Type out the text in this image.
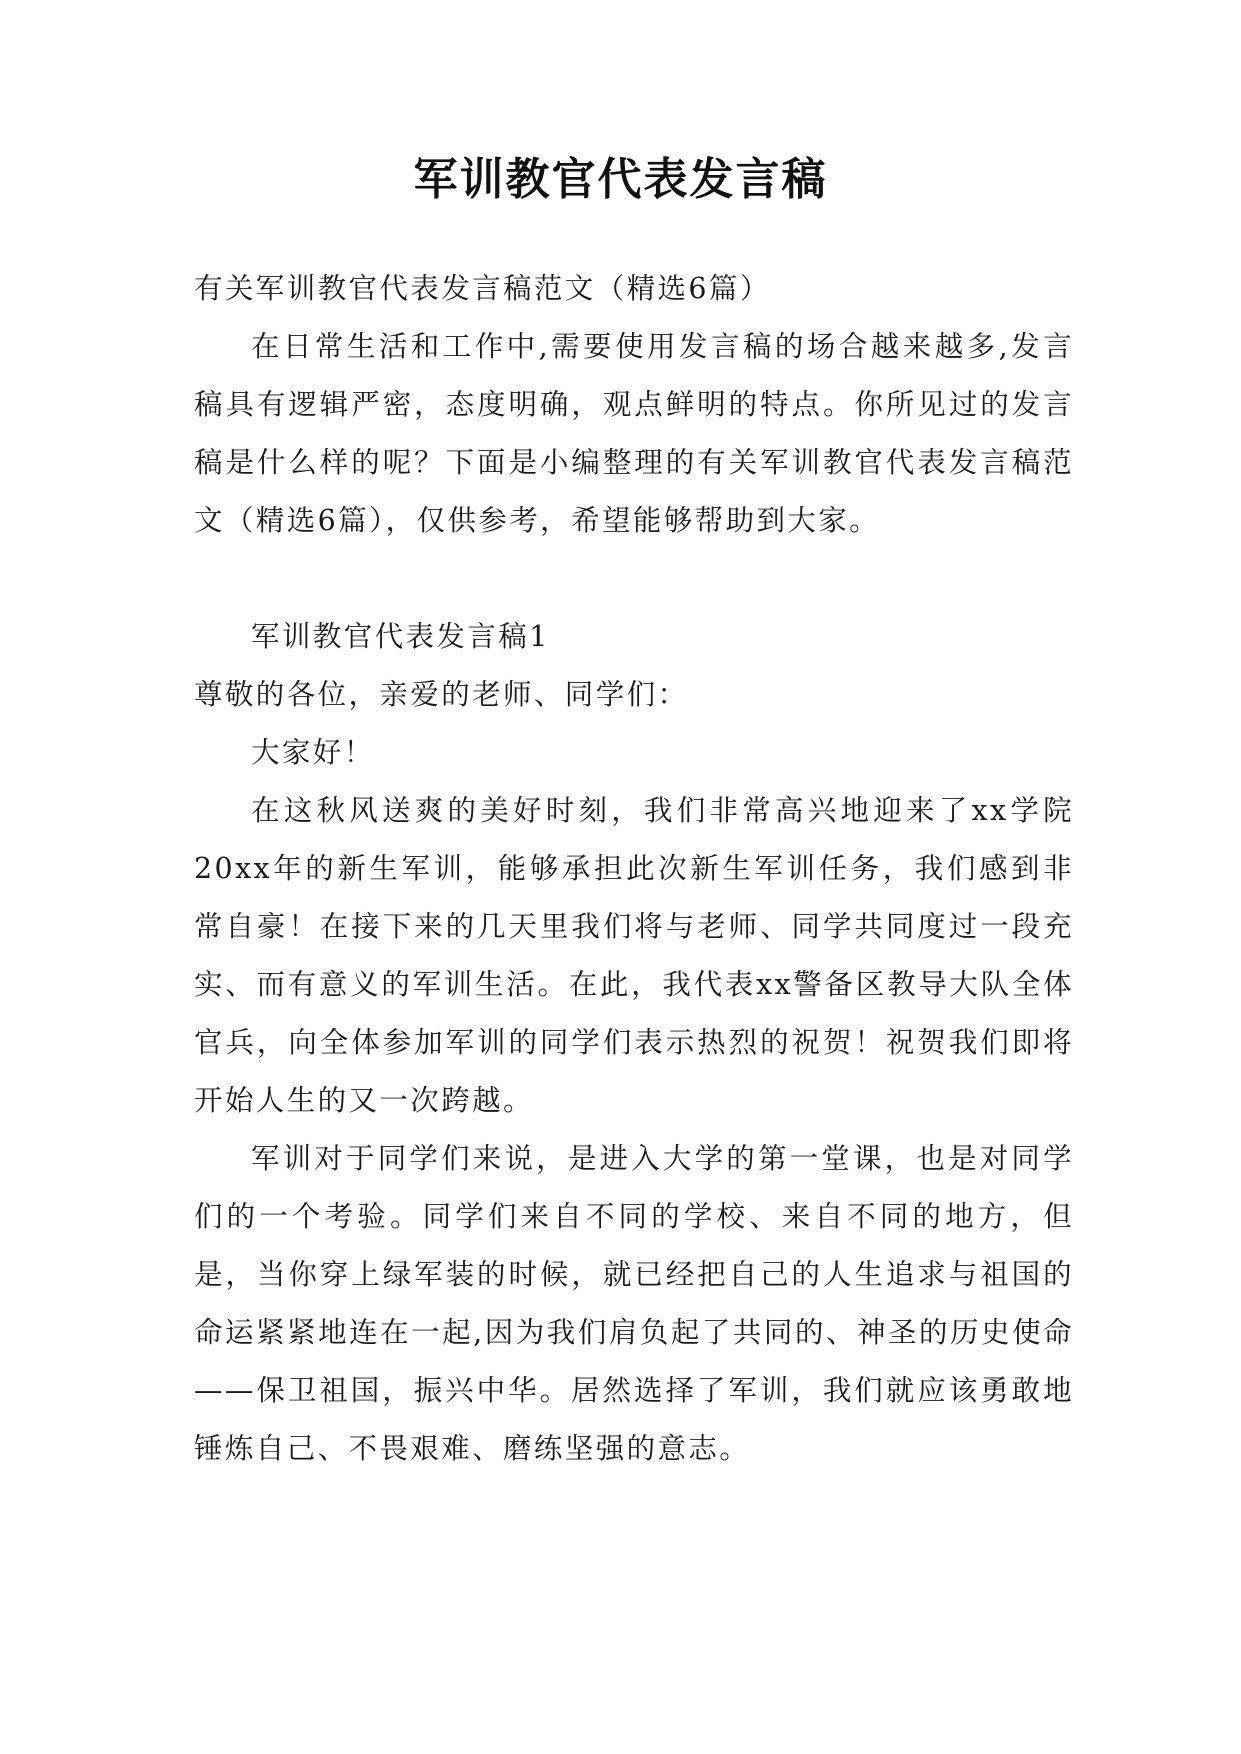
军训教官代表发言稿

有关军训教官代表发言稿范文（精选6篇）

在日常生活和工作中,需要使用发言稿的场合越来越多,发言稿具有逻辑严密，态度明确，观点鲜明的特点。你所见过的发言稿是什么样的呢？下面是小编整理的有关军训教官代表发言稿范文（精选6篇），仅供参考，希望能够帮助到大家。

军训教官代表发言稿1

尊敬的各位，亲爱的老师、同学们：

大家好！

在这秋风送爽的美好时刻，我们非常高兴地迎来了xx学院20xx年的新生军训，能够承担此次新生军训任务，我们感到非常自豪！在接下来的几天里我们将与老师、同学共同度过一段充实、而有意义的军训生活。在此，我代表xx警备区教导大队全体官兵，向全体参加军训的同学们表示热烈的祝贺！祝贺我们即将开始人生的又一次跨越。

军训对于同学们来说，是进入大学的第一堂课，也是对同学们的一个考验。同学们来自不同的学校、来自不同的地方，但是，当你穿上绿军装的时候，就已经把自己的人生追求与祖国的命运紧紧地连在一起,因为我们肩负起了共同的、神圣的历史使命——保卫祖国，振兴中华。居然选择了军训，我们就应该勇敢地锤炼自己、不畏艰难、磨练坚强的意志。
